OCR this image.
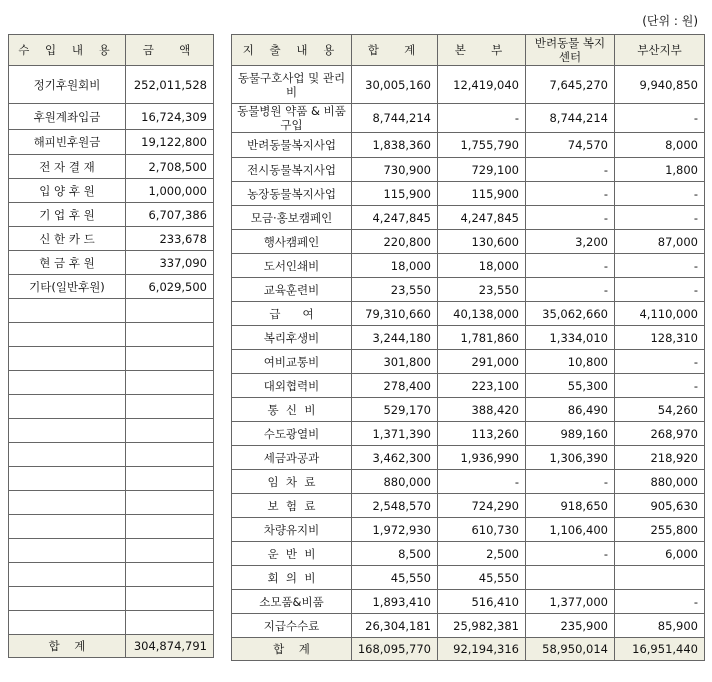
(단위 : 원)
수 입 내 용	금  액
정기후원회비	252,011,528
후원계좌입금	16,724,309
해피빈후원금	19,122,800
전 자 결 재	2,708,500
입 양 후 원	1,000,000
기 업 후 원	6,707,386
신 한 카 드	233,678
현 금 후 원	337,090
기타(일반후원)	6,029,500

합    계	304,874,791
지 출 내 용	합  계	본  부	반려동물 복지센터	부산지부
동물구호사업 및 관리비	30,005,160	12,419,040	7,645,270	9,940,850
동물병원 약품 & 비품 구입	8,744,214	-	8,744,214	-
반려동물복지사업	1,838,360	1,755,790	74,570	8,000
전시동물복지사업	730,900	729,100	-	1,800
농장동물복지사업	115,900	115,900	-	-
모금·홍보캠페인	4,247,845	4,247,845	-	-
행사캠페인	220,800	130,600	3,200	87,000
도서인쇄비	18,000	18,000	-	-
교육훈련비	23,550	23,550	-	-
급      여	79,310,660	40,138,000	35,062,660	4,110,000
복리후생비	3,244,180	1,781,860	1,334,010	128,310
여비교통비	301,800	291,000	10,800	-
대외협력비	278,400	223,100	55,300	-
통  신  비	529,170	388,420	86,490	54,260
수도광열비	1,371,390	113,260	989,160	268,970
세금과공과	3,462,300	1,936,990	1,306,390	218,920
임  차  료	880,000	-	-	880,000
보  험  료	2,548,570	724,290	918,650	905,630
차량유지비	1,972,930	610,730	1,106,400	255,800
운  반  비	8,500	2,500	-	6,000
회  의  비	45,550	45,550		
소모품&비품	1,893,410	516,410	1,377,000	-
지급수수료	26,304,181	25,982,381	235,900	85,900
합    계	168,095,770	92,194,316	58,950,014	16,951,440
